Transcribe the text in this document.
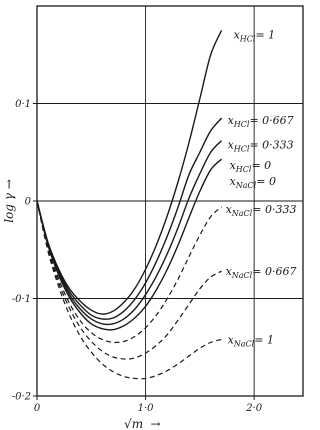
0·1
0
-0·1
-0·2
0	1·0	2·0
$x_{HCl}= 1$
$x_{HCl}= 0\cdot 667$
$x_{HCl}= 0\cdot 333$
$x_{HCl}= 0$
$x_{NaCl}= 0$
$x_{NaCl}= 0\cdot 333$
$x_{NaCl}= 0\cdot 667$
$x_{NaCl}= 1$
log γ →
√m →
